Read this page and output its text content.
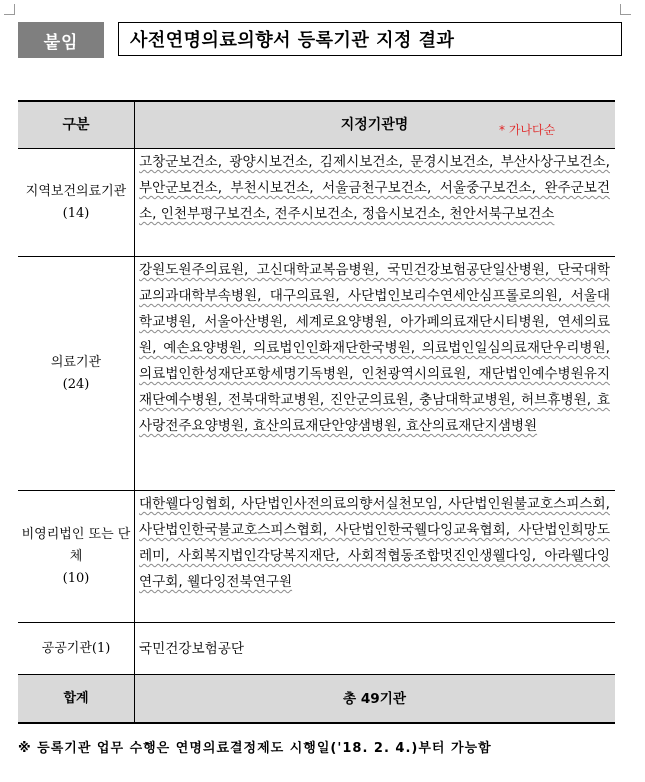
붙임	사전연명의료의향서 등록기관 지정 결과
구분	지정기관명 * 가나다순

지역보건의료기관
(14)	고창군보건소, 광양시보건소, 김제시보건소, 문경시보건소, 부산사상구보건소, 부안군보건소, 부천시보건소, 서울금천구보건소, 서울중구보건소, 완주군보건소, 인천부평구보건소, 전주시보건소, 정읍시보건소, 천안서북구보건소
의료기관
(24)	강원도원주의료원, 고신대학교복음병원, 국민건강보험공단일산병원, 단국대학교의과대학부속병원, 대구의료원, 사단법인보리수연세안심프롤로의원, 서울대학교병원, 서울아산병원, 세계로요양병원, 아가페의료재단시티병원, 연세의료원, 예손요양병원, 의료법인인화재단한국병원, 의료법인일심의료재단우리병원, 의료법인한성재단포항세명기독병원, 인천광역시의료원, 재단법인예수병원유지재단예수병원, 전북대학교병원, 진안군의료원, 충남대학교병원, 허브휴병원, 효사랑전주요양병원, 효산의료재단안양샘병원, 효산의료재단지샘병원
비영리법인 또는 단체
(10)	대한웰다잉협회, 사단법인사전의료의향서실천모임, 사단법인원불교호스피스회, 사단법인한국불교호스피스협회, 사단법인한국웰다잉교육협회, 사단법인희망도레미, 사회복지법인각당복지재단, 사회적협동조합멋진인생웰다잉, 아라웰다잉연구회, 웰다잉전북연구원
공공기관(1)	국민건강보험공단
합계	총 49기관
※ 등록기관 업무 수행은 연명의료결정제도 시행일('18. 2. 4.)부터 가능함
